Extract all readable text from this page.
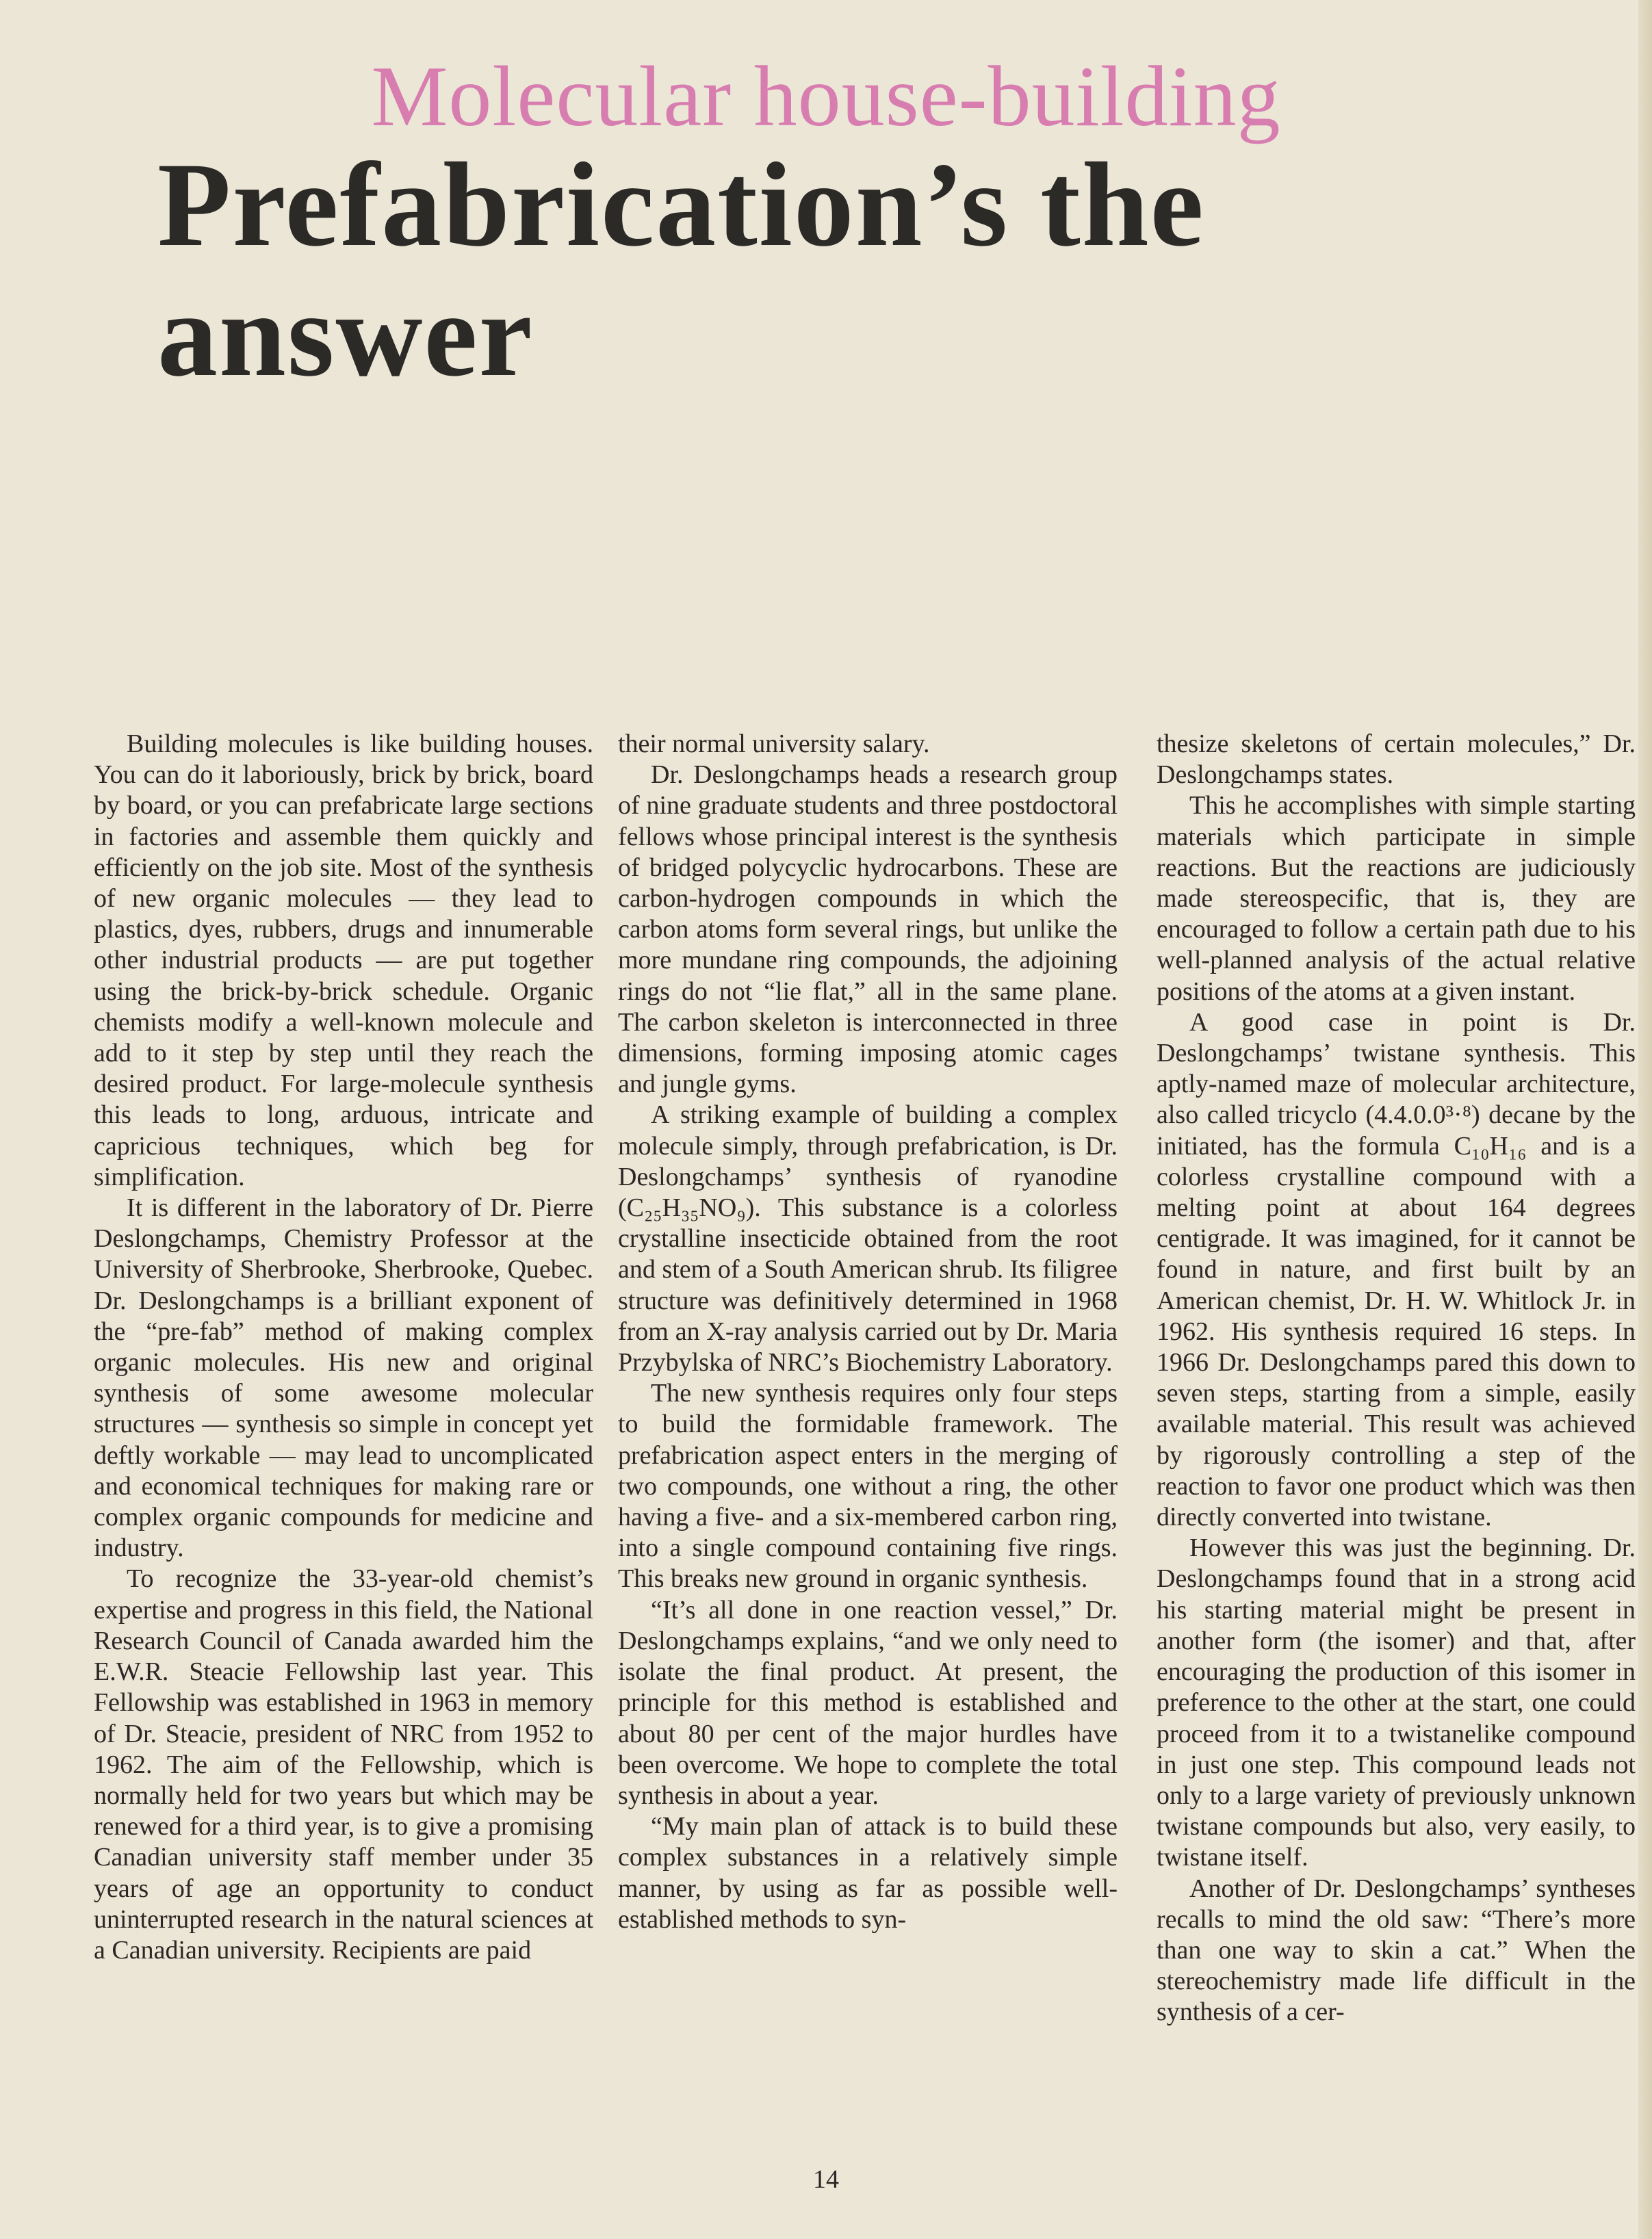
Molecular house-building
Prefabrication’s the answer

Building molecules is like building houses. You can do it laboriously, brick by brick, board by board, or you can prefabricate large sections in factories and assemble them quickly and efficiently on the job site. Most of the synthesis of new organic molecules — they lead to plastics, dyes, rubbers, drugs and innumerable other industrial products — are put together using the brick-by-brick schedule. Organic chemists modify a well-known molecule and add to it step by step until they reach the desired product. For large-molecule synthesis this leads to long, arduous, intricate and capricious techniques, which beg for simplification.

It is different in the laboratory of Dr. Pierre Deslongchamps, Chemistry Professor at the University of Sherbrooke, Sherbrooke, Quebec. Dr. Deslongchamps is a brilliant exponent of the “pre-fab” method of making complex organic molecules. His new and original synthesis of some awesome molecular structures — synthesis so simple in concept yet deftly workable — may lead to uncomplicated and economical techniques for making rare or complex organic compounds for medicine and industry.

To recognize the 33-year-old chemist’s expertise and progress in this field, the National Research Council of Canada awarded him the E.W.R. Steacie Fellowship last year. This Fellowship was established in 1963 in memory of Dr. Steacie, president of NRC from 1952 to 1962. The aim of the Fellowship, which is normally held for two years but which may be renewed for a third year, is to give a promising Canadian university staff member under 35 years of age an opportunity to conduct uninterrupted research in the natural sciences at a Canadian university. Recipients are paid

their normal university salary.

Dr. Deslongchamps heads a research group of nine graduate students and three postdoctoral fellows whose principal interest is the synthesis of bridged polycyclic hydrocarbons. These are carbon-hydrogen compounds in which the carbon atoms form several rings, but unlike the more mundane ring compounds, the adjoining rings do not “lie flat,” all in the same plane. The carbon skeleton is interconnected in three dimensions, forming imposing atomic cages and jungle gyms.

A striking example of building a complex molecule simply, through prefabrication, is Dr. Deslongchamps’ synthesis of ryanodine (C₂₅H₃₅NO₉). This substance is a colorless crystalline insecticide obtained from the root and stem of a South American shrub. Its filigree structure was definitively determined in 1968 from an X-ray analysis carried out by Dr. Maria Przybylska of NRC’s Biochemistry Laboratory.

The new synthesis requires only four steps to build the formidable framework. The prefabrication aspect enters in the merging of two compounds, one without a ring, the other having a five- and a six-membered carbon ring, into a single compound containing five rings. This breaks new ground in organic synthesis.

“It’s all done in one reaction vessel,” Dr. Deslongchamps explains, “and we only need to isolate the final product. At present, the principle for this method is established and about 80 per cent of the major hurdles have been overcome. We hope to complete the total synthesis in about a year.

“My main plan of attack is to build these complex substances in a relatively simple manner, by using as far as possible well-established methods to syn-

thesize skeletons of certain molecules,” Dr. Deslongchamps states.

This he accomplishes with simple starting materials which participate in simple reactions. But the reactions are judiciously made stereospecific, that is, they are encouraged to follow a certain path due to his well-planned analysis of the actual relative positions of the atoms at a given instant.

A good case in point is Dr. Deslongchamps’ twistane synthesis. This aptly-named maze of molecular architecture, also called tricyclo (4.4.0.0³·⁸) decane by the initiated, has the formula C₁₀H₁₆ and is a colorless crystalline compound with a melting point at about 164 degrees centigrade. It was imagined, for it cannot be found in nature, and first built by an American chemist, Dr. H. W. Whitlock Jr. in 1962. His synthesis required 16 steps. In 1966 Dr. Deslongchamps pared this down to seven steps, starting from a simple, easily available material. This result was achieved by rigorously controlling a step of the reaction to favor one product which was then directly converted into twistane.

However this was just the beginning. Dr. Deslongchamps found that in a strong acid his starting material might be present in another form (the isomer) and that, after encouraging the production of this isomer in preference to the other at the start, one could proceed from it to a twistanelike compound in just one step. This compound leads not only to a large variety of previously unknown twistane compounds but also, very easily, to twistane itself.

Another of Dr. Deslongchamps’ syntheses recalls to mind the old saw: “There’s more than one way to skin a cat.” When the stereochemistry made life difficult in the synthesis of a cer-

14
